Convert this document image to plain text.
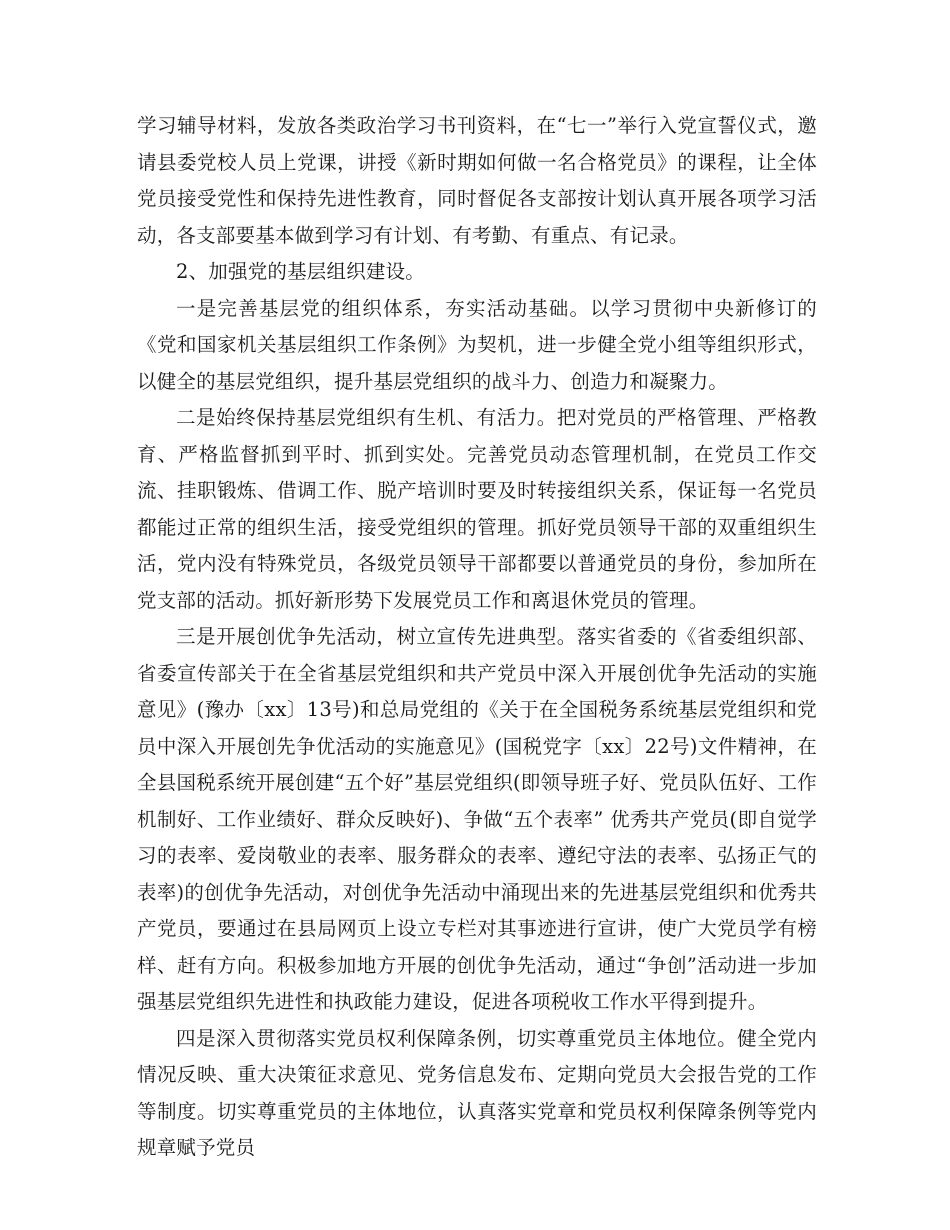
学习辅导材料，发放各类政治学习书刊资料，在“七一”举行入党宣誓仪式，邀请县委党校人员上党课，讲授《新时期如何做一名合格党员》的课程，让全体党员接受党性和保持先进性教育，同时督促各支部按计划认真开展各项学习活动，各支部要基本做到学习有计划、有考勤、有重点、有记录。

2、加强党的基层组织建设。

一是完善基层党的组织体系，夯实活动基础。以学习贯彻中央新修订的《党和国家机关基层组织工作条例》为契机，进一步健全党小组等组织形式，以健全的基层党组织，提升基层党组织的战斗力、创造力和凝聚力。

二是始终保持基层党组织有生机、有活力。把对党员的严格管理、严格教育、严格监督抓到平时、抓到实处。完善党员动态管理机制，在党员工作交流、挂职锻炼、借调工作、脱产培训时要及时转接组织关系，保证每一名党员都能过正常的组织生活，接受党组织的管理。抓好党员领导干部的双重组织生活，党内没有特殊党员，各级党员领导干部都要以普通党员的身份，参加所在党支部的活动。抓好新形势下发展党员工作和离退休党员的管理。

三是开展创优争先活动，树立宣传先进典型。落实省委的《省委组织部、省委宣传部关于在全省基层党组织和共产党员中深入开展创优争先活动的实施意见》(豫办〔xx〕13号)和总局党组的《关于在全国税务系统基层党组织和党员中深入开展创先争优活动的实施意见》(国税党字〔xx〕22号)文件精神，在全县国税系统开展创建“五个好”基层党组织(即领导班子好、党员队伍好、工作机制好、工作业绩好、群众反映好)、争做“五个表率” 优秀共产党员(即自觉学习的表率、爱岗敬业的表率、服务群众的表率、遵纪守法的表率、弘扬正气的表率)的创优争先活动，对创优争先活动中涌现出来的先进基层党组织和优秀共产党员，要通过在县局网页上设立专栏对其事迹进行宣讲，使广大党员学有榜样、赶有方向。积极参加地方开展的创优争先活动，通过“争创”活动进一步加强基层党组织先进性和执政能力建设，促进各项税收工作水平得到提升。

四是深入贯彻落实党员权利保障条例，切实尊重党员主体地位。健全党内情况反映、重大决策征求意见、党务信息发布、定期向党员大会报告党的工作等制度。切实尊重党员的主体地位，认真落实党章和党员权利保障条例等党内规章赋予党员
